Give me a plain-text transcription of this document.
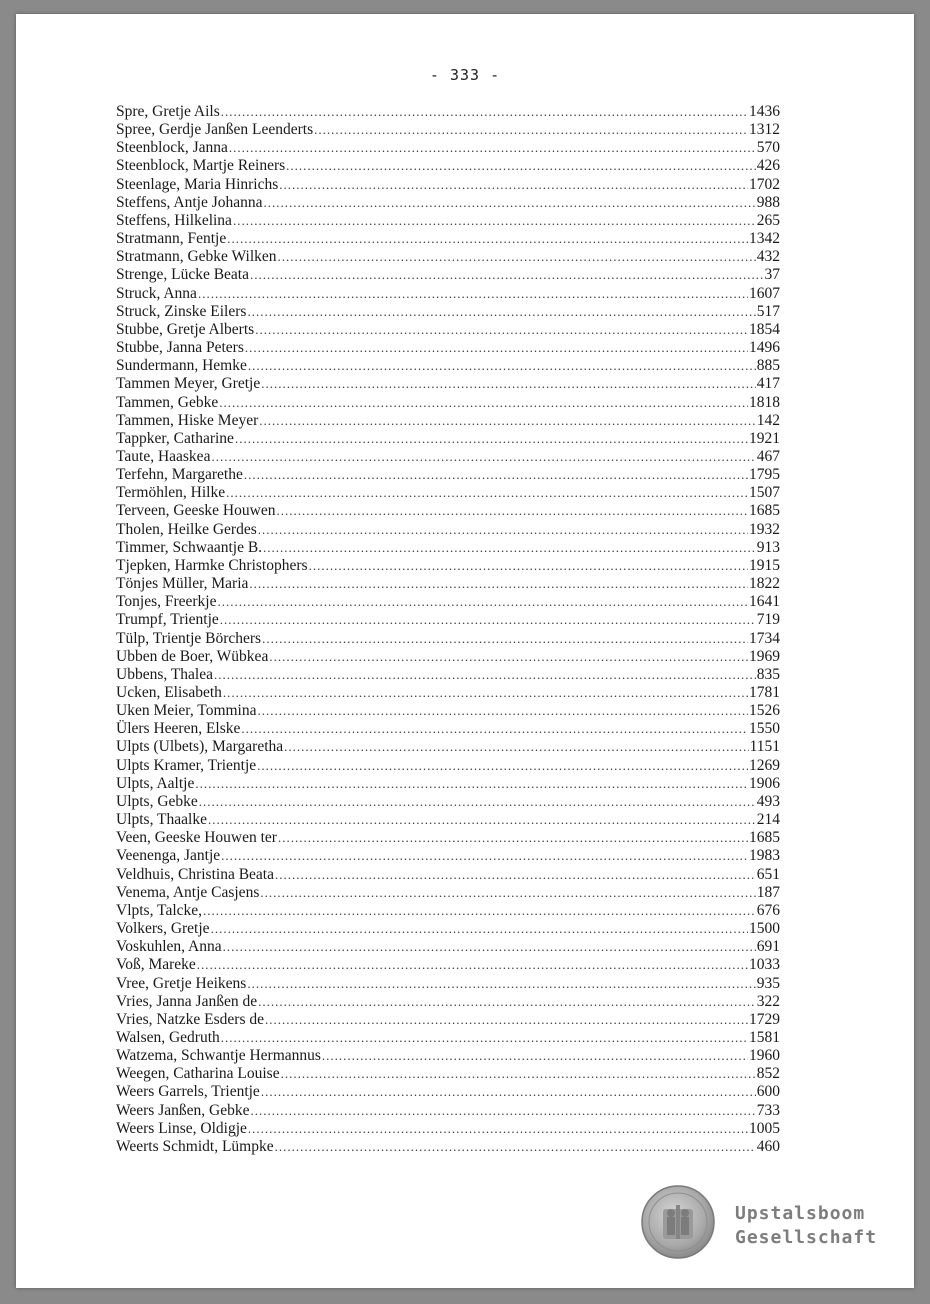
- 333 -
Spre, Gretje Ails .....	1436
Spree, Gerdje Janßen Leenderts .....	1312
Steenblock, Janna .....	570
Steenblock, Martje Reiners .....	426
Steenlage, Maria Hinrichs .....	1702
Steffens, Antje Johanna .....	988
Steffens, Hilkelina .....	265
Stratmann, Fentje .....	1342
Stratmann, Gebke Wilken .....	432
Strenge, Lücke Beata .....	37
Struck, Anna .....	1607
Struck, Zinske Eilers .....	517
Stubbe, Gretje Alberts .....	1854
Stubbe, Janna Peters .....	1496
Sundermann, Hemke .....	885
Tammen Meyer, Gretje .....	417
Tammen, Gebke .....	1818
Tammen, Hiske Meyer .....	142
Tappker, Catharine .....	1921
Taute, Haaskea .....	467
Terfehn, Margarethe .....	1795
Termöhlen, Hilke .....	1507
Terveen, Geeske Houwen .....	1685
Tholen, Heilke Gerdes .....	1932
Timmer, Schwaantje B. .....	913
Tjepken, Harmke Christophers .....	1915
Tönjes Müller, Maria .....	1822
Tonjes, Freerkje .....	1641
Trumpf, Trientje .....	719
Tülp, Trientje Börchers .....	1734
Ubben de Boer, Wübkea .....	1969
Ubbens, Thalea .....	835
Ucken, Elisabeth .....	1781
Uken Meier, Tommina .....	1526
Ülers Heeren, Elske .....	1550
Ulpts (Ulbets), Margaretha .....	1151
Ulpts Kramer, Trientje .....	1269
Ulpts, Aaltje .....	1906
Ulpts, Gebke .....	493
Ulpts, Thaalke .....	214
Veen, Geeske Houwen ter .....	1685
Veenenga, Jantje .....	1983
Veldhuis, Christina Beata .....	651
Venema, Antje Casjens .....	187
Vlpts, Talcke, .....	676
Volkers, Gretje .....	1500
Voskuhlen, Anna .....	691
Voß, Mareke .....	1033
Vree, Gretje Heikens .....	935
Vries, Janna Janßen de .....	322
Vries, Natzke Esders de .....	1729
Walsen, Gedruth .....	1581
Watzema, Schwantje Hermannus .....	1960
Weegen, Catharina Louise .....	852
Weers Garrels, Trientje .....	600
Weers Janßen, Gebke .....	733
Weers Linse, Oldigje .....	1005
Weerts Schmidt, Lümpke .....	460
Upstalsboom
Gesellschaft
